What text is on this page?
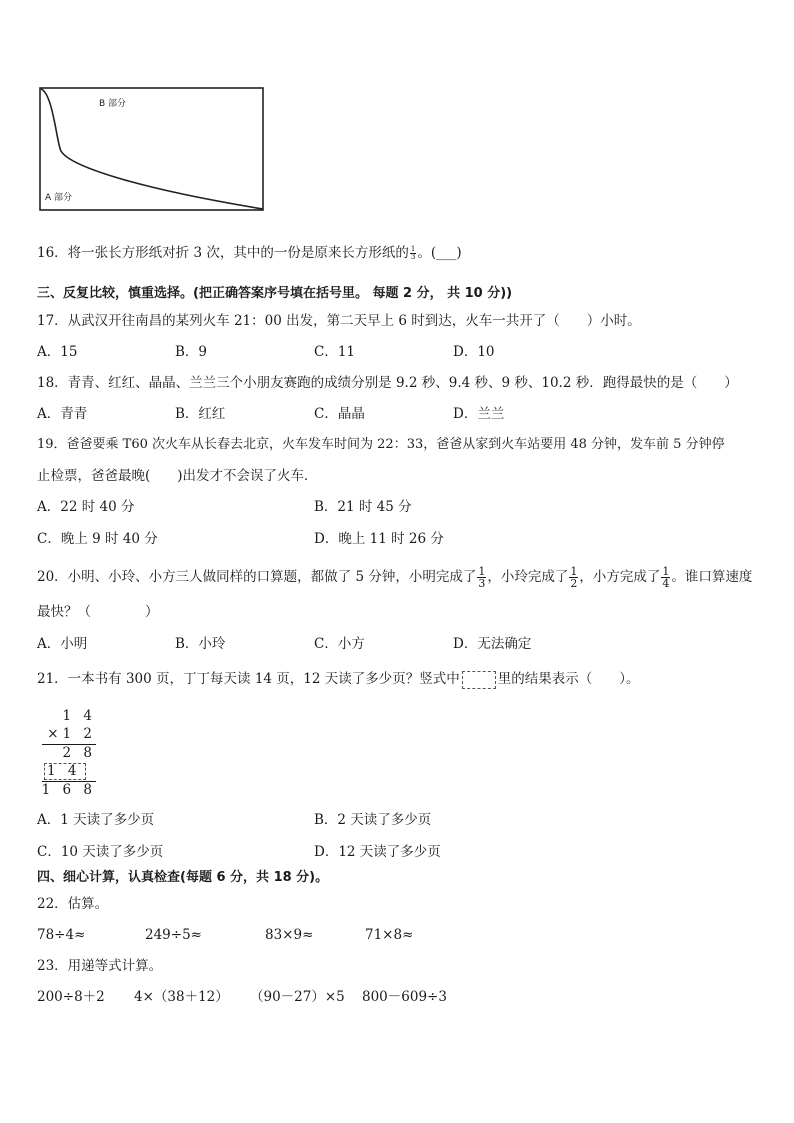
B 部分
A 部分
16．将一张长方形纸对折 3 次，其中的一份是原来长方形纸的 $\frac{1}{3}$ 。(___)
三、反复比较，慎重选择。(把正确答案序号填在括号里。 每题 2 分， 共 10 分))
17．从武汉开往南昌的某列火车 21：00 出发，第二天早上 6 时到达，火车一共开了（　　）小时。
A．15	B．9	C．11	D．10
18．青青、红红、晶晶、兰兰三个小朋友赛跑的成绩分别是 9.2 秒、9.4 秒、9 秒、10.2 秒．跑得最快的是（　　）
A．青青	B．红红	C．晶晶	D．兰兰
19．爸爸要乘 T60 次火车从长春去北京，火车发车时间为 22：33，爸爸从家到火车站要用 48 分钟，发车前 5 分钟停
止检票，爸爸最晚(　　)出发才不会误了火车．
A．22 时 40 分	B．21 时 45 分
C．晚上 9 时 40 分	D．晚上 11 时 26 分
20．小明、小玲、小方三人做同样的口算题，都做了 5 分钟，小明完成了 $\frac{1}{3}$ ，小玲完成了 $\frac{1}{2}$ ，小方完成了 $\frac{1}{4}$ 。谁口算速度
最快？（　　　　）
A．小明	B．小玲	C．小方	D．无法确定
21．一本书有 300 页，丁丁每天读 14 页，12 天读了多少页？竖式中	里的结果表示（　　）。
1 4
×1 2
2 8
1 4
1 6 8
A．1 天读了多少页	B．2 天读了多少页
C．10 天读了多少页	D．12 天读了多少页
四、细心计算，认真检查(每题 6 分，共 18 分)。
22．估算。
78÷4≈	249÷5≈	83×9≈	71×8≈
23．用递等式计算。
200÷8＋2 4×（38＋12） （90－27）×5 800－609÷3
